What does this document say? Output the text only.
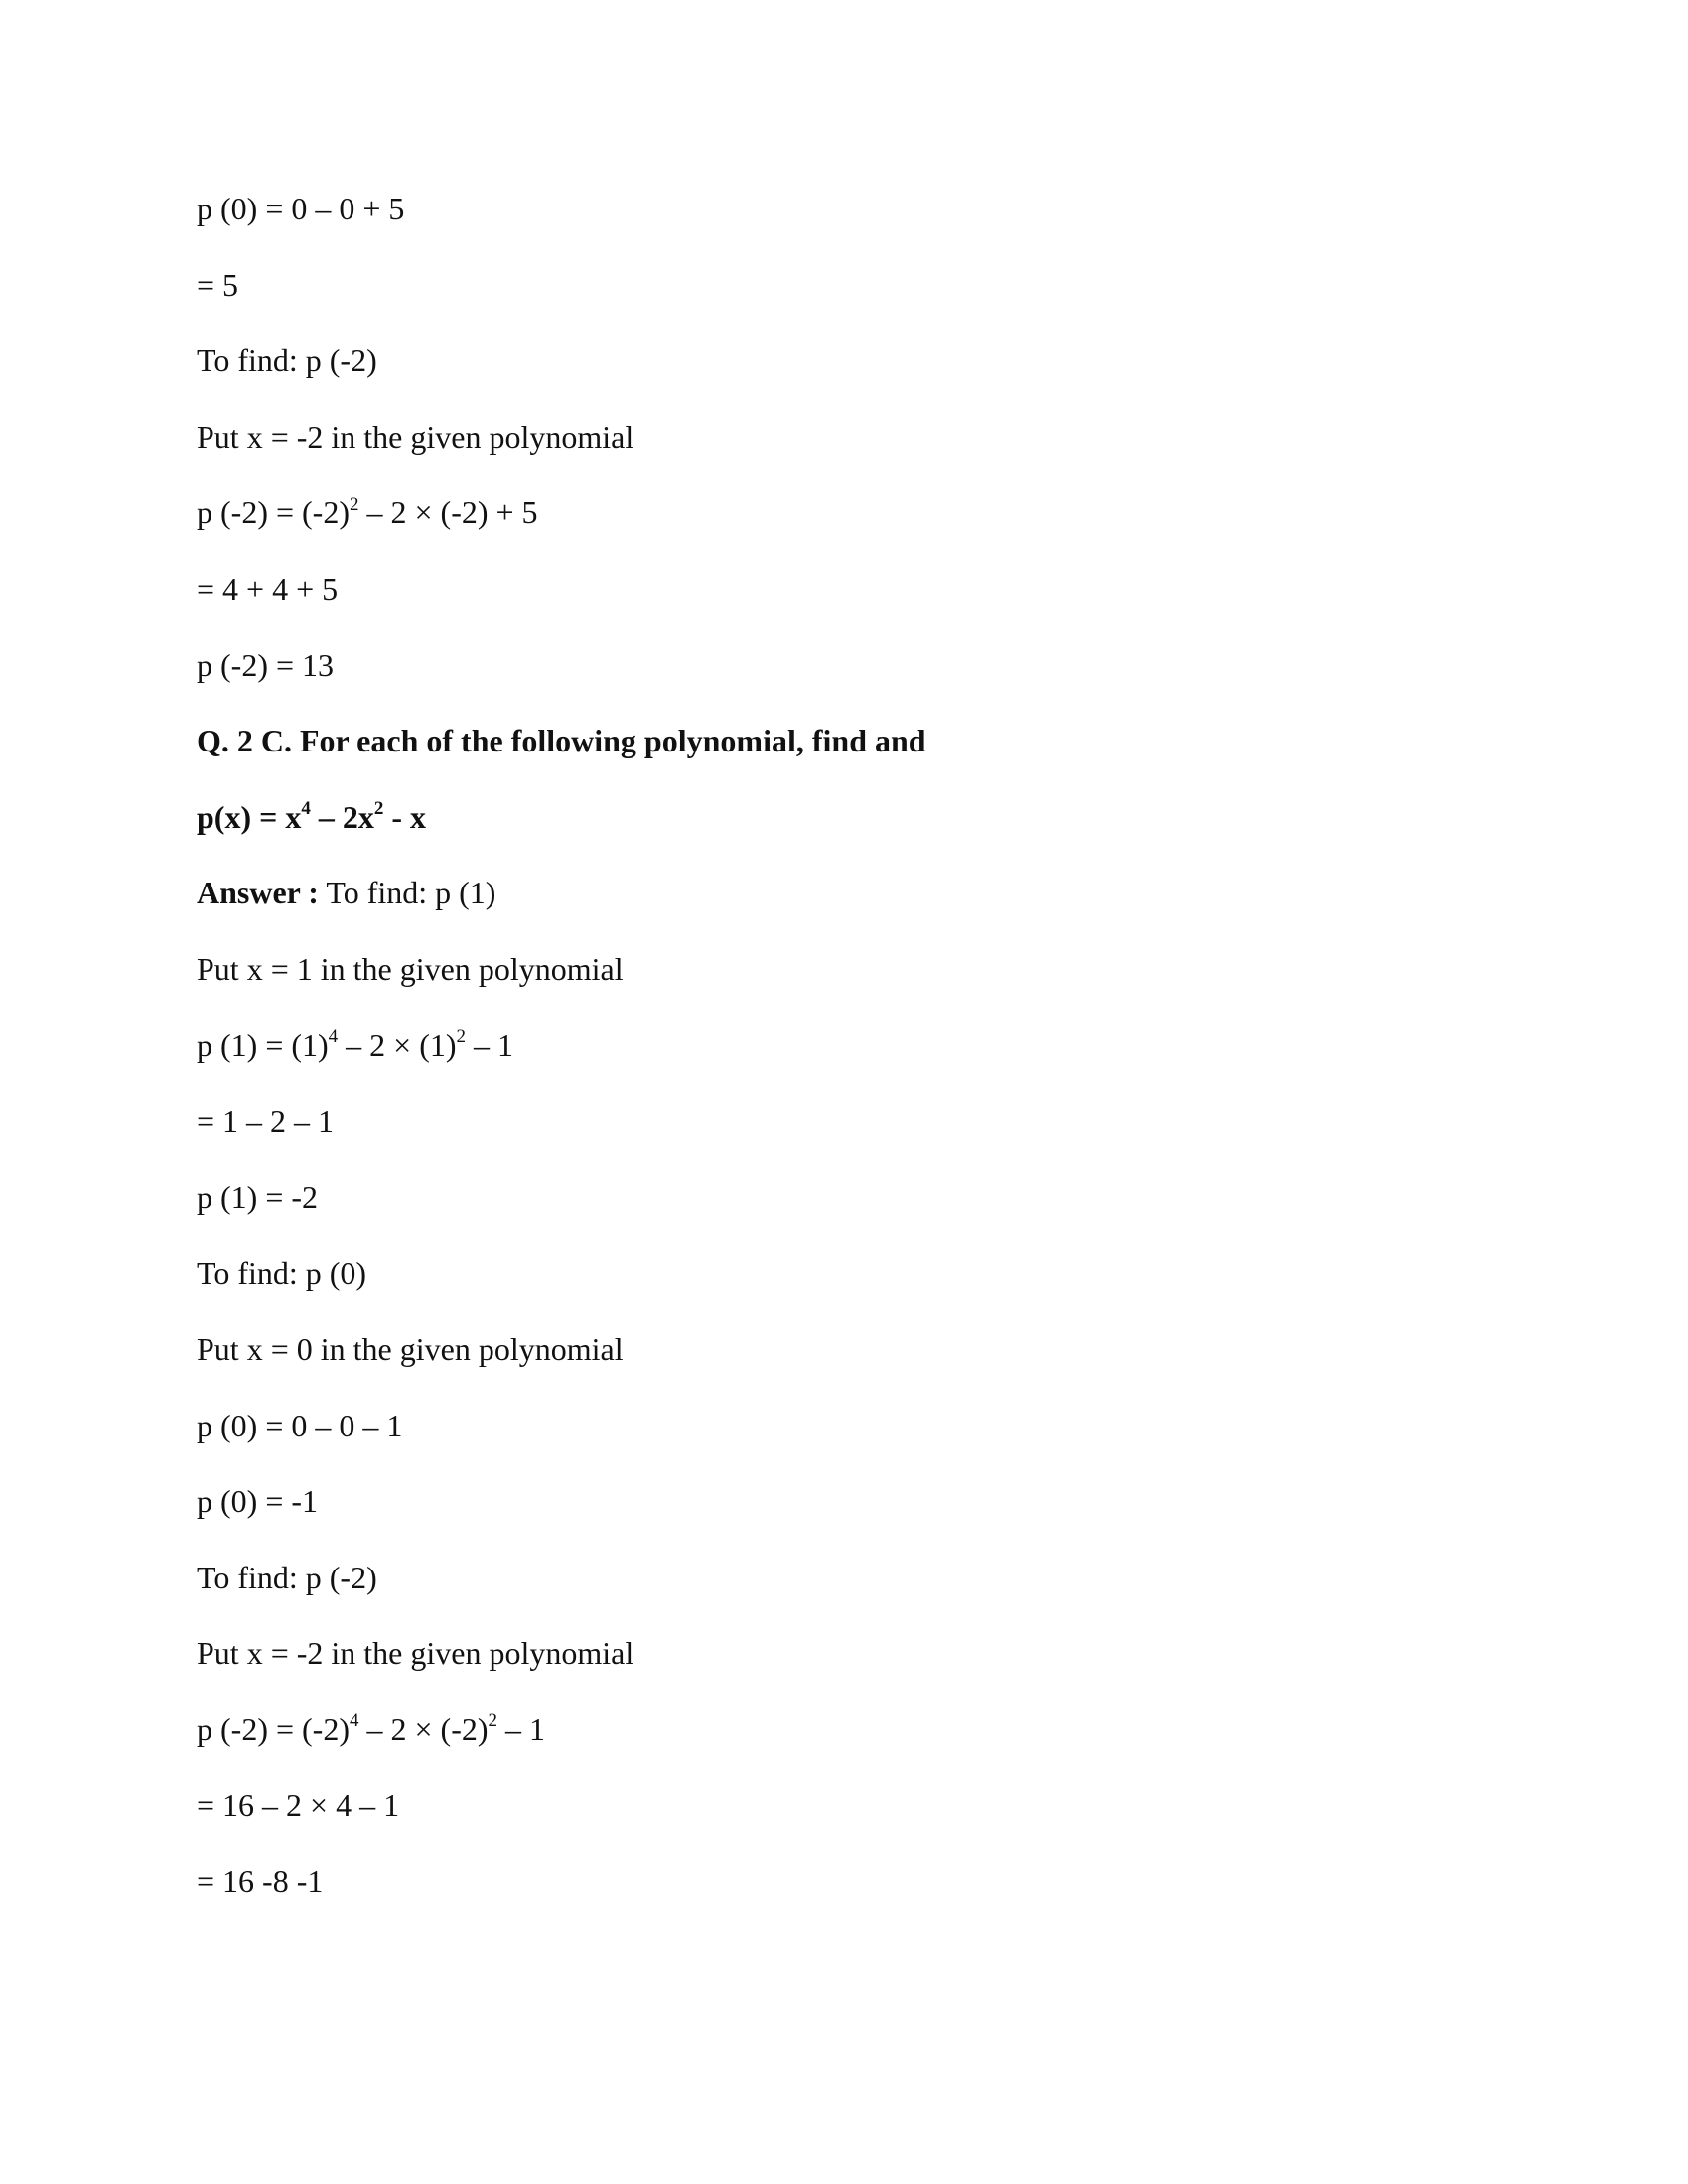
p (0) = 0 – 0 + 5
= 5
To find: p (-2)
Put x = -2 in the given polynomial
p $(-2) = (-2)^2 - 2 \times (-2) + 5$
= 4 + 4 + 5
p (-2) = 13
Q. 2 C. For each of the following polynomial, find and
$p(x) = x^4 - 2x^2 - x$
Answer : To find: p (1)
Put x = 1 in the given polynomial
p $(1) = (1)^4 - 2 \times (1)^2 - 1$
= 1 – 2 – 1
p (1) = -2
To find: p (0)
Put x = 0 in the given polynomial
p (0) = 0 – 0 – 1
p (0) = -1
To find: p (-2)
Put x = -2 in the given polynomial
p $(-2) = (-2)^4 - 2 \times (-2)^2 - 1$
= 16 – 2 × 4 – 1
= 16 -8 -1
